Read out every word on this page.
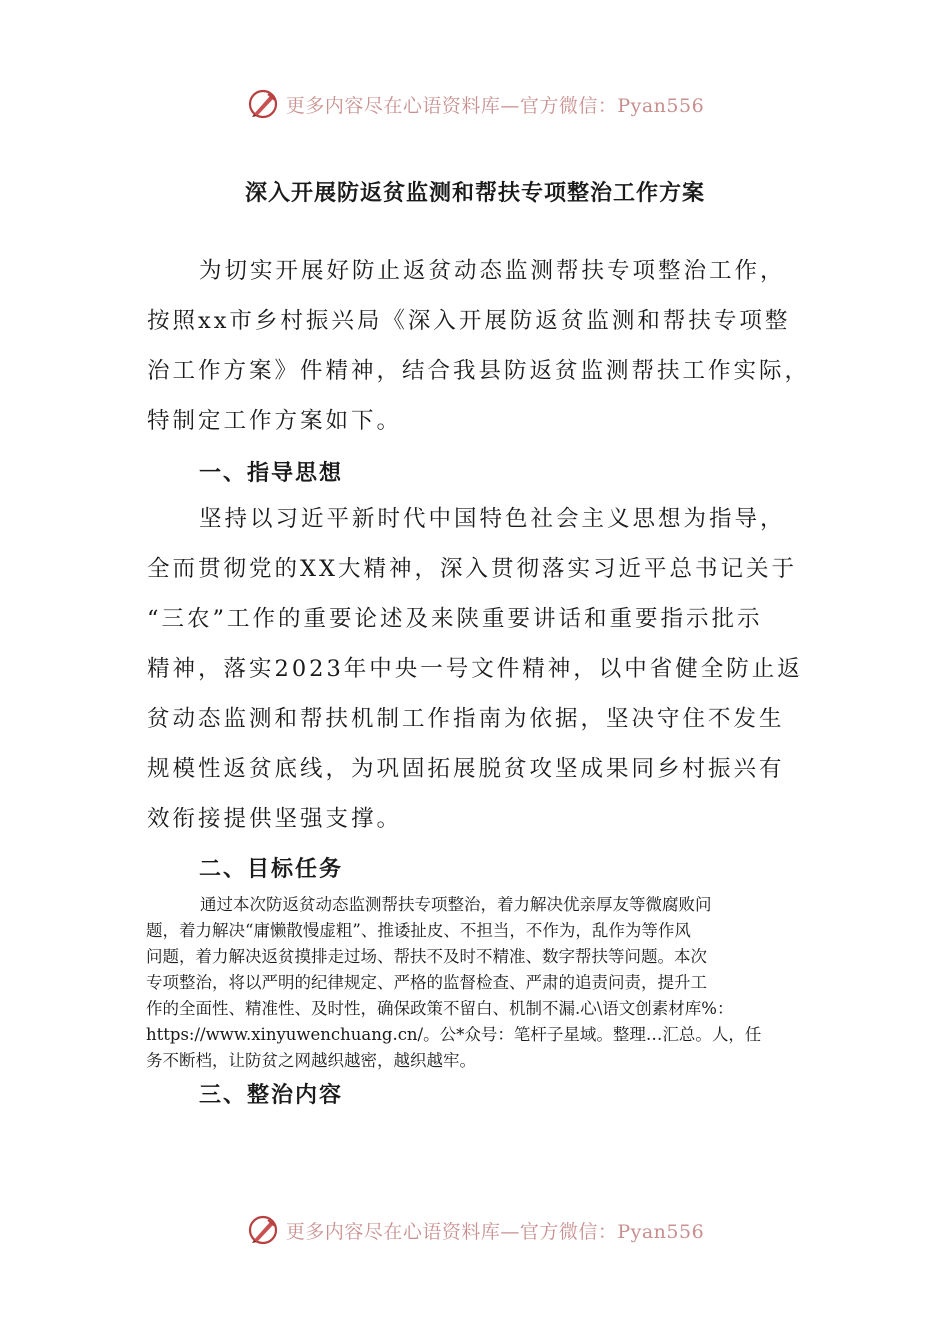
更多内容尽在心语资料库—官方微信：Pyan556
深入开展防返贫监测和帮扶专项整治工作方案
为切实开展好防止返贫动态监测帮扶专项整治工作，
按照xx市乡村振兴局《深入开展防返贫监测和帮扶专项整
治工作方案》件精神，结合我县防返贫监测帮扶工作实际，
特制定工作方案如下。
一、指导思想
坚持以习近平新时代中国特色社会主义思想为指导，
全而贯彻党的XX大精神，深入贯彻落实习近平总书记关于
“三农”工作的重要论述及来陕重要讲话和重要指示批示
精神，落实2023年中央一号文件精神，以中省健全防止返
贫动态监测和帮扶机制工作指南为依据，坚决守住不发生
规模性返贫底线，为巩固拓展脱贫攻坚成果同乡村振兴有
效衔接提供坚强支撑。
二、目标任务
通过本次防返贫动态监测帮扶专项整治，着力解决优亲厚友等微腐败问
题，着力解决“庸懒散慢虚粗”、推诿扯皮、不担当，不作为，乱作为等作风
问题，着力解决返贫摸排走过场、帮扶不及时不精准、数字帮扶等问题。本次
专项整治，将以严明的纪律规定、严格的监督检查、严肃的追责问责，提升工
作的全面性、精准性、及时性，确保政策不留白、机制不漏.心\语文创素材库%：
https://www.xinyuwenchuang.cn/。公*众号：笔杆子星域。整理…汇总。人，任
务不断档，让防贫之网越织越密，越织越牢。
三、整治内容
更多内容尽在心语资料库—官方微信：Pyan556
